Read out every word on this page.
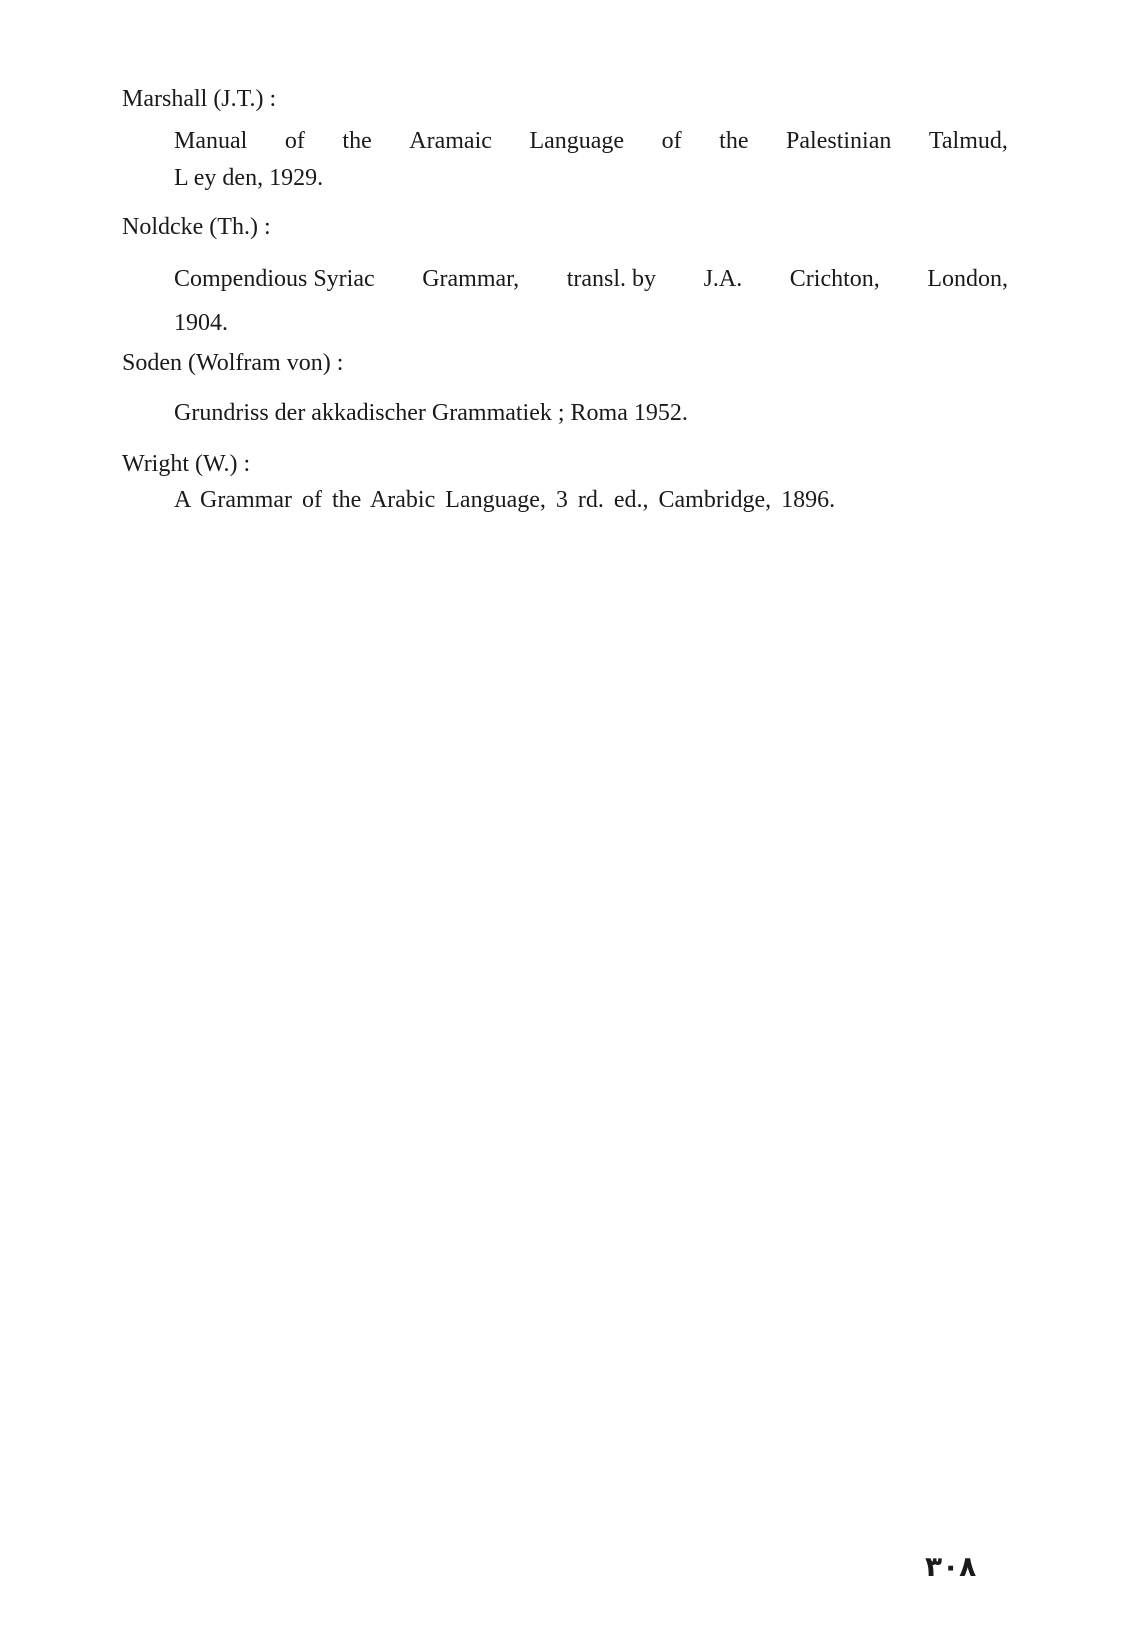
Marshall (J.T.) :
Manual of the Aramaic Language of the Palestinian Talmud,
L ey den, 1929.
Noldcke (Th.) :
Compendious Syriac Grammar, transl. by J.A. Crichton, London,
1904.
Soden (Wolfram von) :
Grundriss der akkadischer Grammatiek ; Roma 1952.
Wright (W.) :
A Grammar of the Arabic Language, 3 rd. ed., Cambridge, 1896.
٣٠٨
